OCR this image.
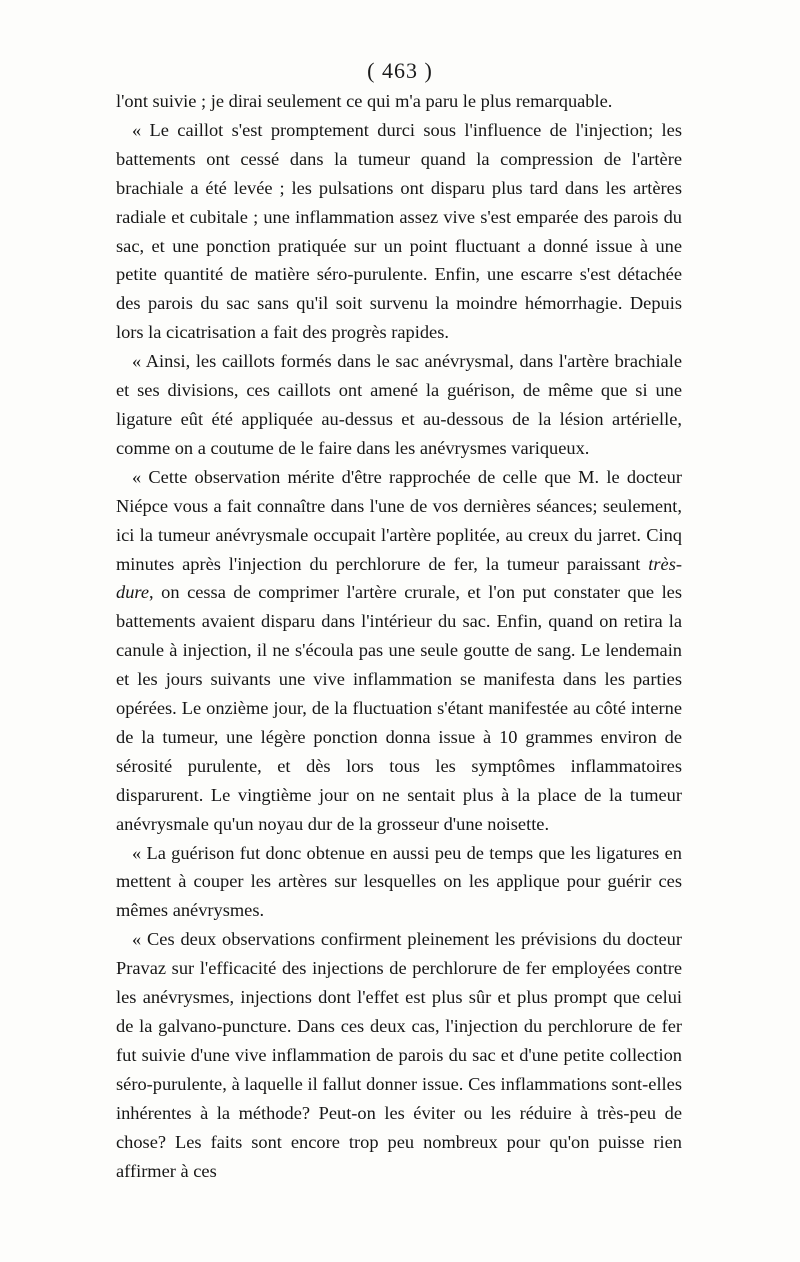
( 463 )

l'ont suivie ; je dirai seulement ce qui m'a paru le plus remarquable.

« Le caillot s'est promptement durci sous l'influence de l'injection; les battements ont cessé dans la tumeur quand la compression de l'artère brachiale a été levée ; les pulsations ont disparu plus tard dans les artères radiale et cubitale ; une inflammation assez vive s'est emparée des parois du sac, et une ponction pratiquée sur un point fluctuant a donné issue à une petite quantité de matière séro-purulente. Enfin, une escarre s'est détachée des parois du sac sans qu'il soit survenu la moindre hémorrhagie. Depuis lors la cicatrisation a fait des progrès rapides.

« Ainsi, les caillots formés dans le sac anévrysmal, dans l'artère brachiale et ses divisions, ces caillots ont amené la guérison, de même que si une ligature eût été appliquée au-dessus et au-dessous de la lésion artérielle, comme on a coutume de le faire dans les anévrysmes variqueux.

« Cette observation mérite d'être rapprochée de celle que M. le docteur Niépce vous a fait connaître dans l'une de vos dernières séances; seulement, ici la tumeur anévrysmale occupait l'artère poplitée, au creux du jarret. Cinq minutes après l'injection du perchlorure de fer, la tumeur paraissant très-dure, on cessa de comprimer l'artère crurale, et l'on put constater que les battements avaient disparu dans l'intérieur du sac. Enfin, quand on retira la canule à injection, il ne s'écoula pas une seule goutte de sang. Le lendemain et les jours suivants une vive inflammation se manifesta dans les parties opérées. Le onzième jour, de la fluctuation s'étant manifestée au côté interne de la tumeur, une légère ponction donna issue à 10 grammes environ de sérosité purulente, et dès lors tous les symptômes inflammatoires disparurent. Le vingtième jour on ne sentait plus à la place de la tumeur anévrysmale qu'un noyau dur de la grosseur d'une noisette.

« La guérison fut donc obtenue en aussi peu de temps que les ligatures en mettent à couper les artères sur lesquelles on les applique pour guérir ces mêmes anévrysmes.

« Ces deux observations confirment pleinement les prévisions du docteur Pravaz sur l'efficacité des injections de perchlorure de fer employées contre les anévrysmes, injections dont l'effet est plus sûr et plus prompt que celui de la galvano-puncture. Dans ces deux cas, l'injection du perchlorure de fer fut suivie d'une vive inflammation de parois du sac et d'une petite collection séro-purulente, à laquelle il fallut donner issue. Ces inflammations sont-elles inhérentes à la méthode? Peut-on les éviter ou les réduire à très-peu de chose? Les faits sont encore trop peu nombreux pour qu'on puisse rien affirmer à ces
